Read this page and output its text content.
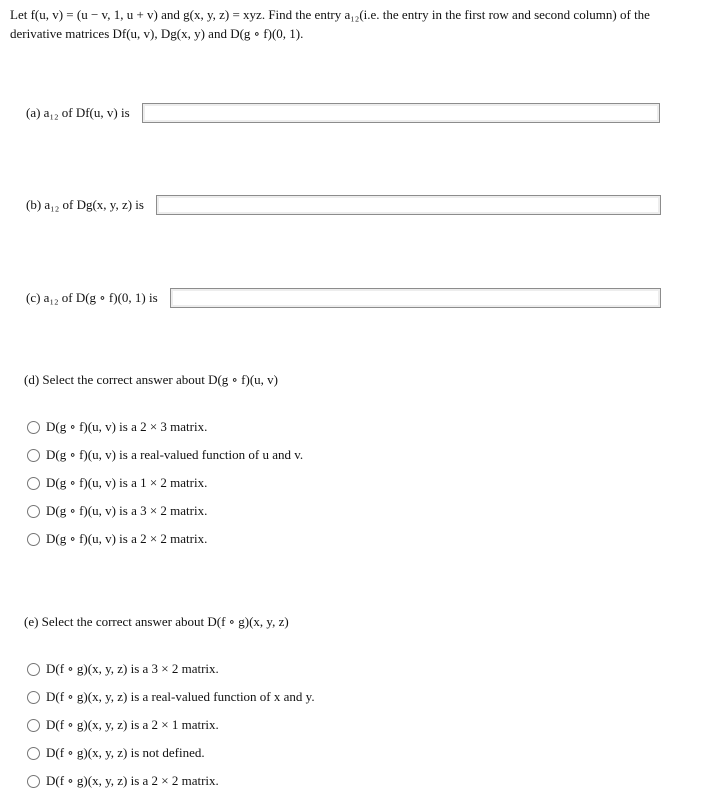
Let f(u, v) = (u − v, 1, u + v) and g(x, y, z) = xyz. Find the entry a₁₂(i.e. the entry in the first row and second column) of the
derivative matrices Df(u, v), Dg(x, y) and D(g ∘ f)(0, 1).
(a) a₁₂ of Df(u, v) is
(b) a₁₂ of Dg(x, y, z) is
(c) a₁₂ of D(g ∘ f)(0, 1) is
(d) Select the correct answer about D(g ∘ f)(u, v)
D(g ∘ f)(u, v) is a 2 × 3 matrix.
D(g ∘ f)(u, v) is a real-valued function of u and v.
D(g ∘ f)(u, v) is a 1 × 2 matrix.
D(g ∘ f)(u, v) is a 3 × 2 matrix.
D(g ∘ f)(u, v) is a 2 × 2 matrix.
(e) Select the correct answer about D(f ∘ g)(x, y, z)
D(f ∘ g)(x, y, z) is a 3 × 2 matrix.
D(f ∘ g)(x, y, z) is a real-valued function of x and y.
D(f ∘ g)(x, y, z) is a 2 × 1 matrix.
D(f ∘ g)(x, y, z) is not defined.
D(f ∘ g)(x, y, z) is a 2 × 2 matrix.
